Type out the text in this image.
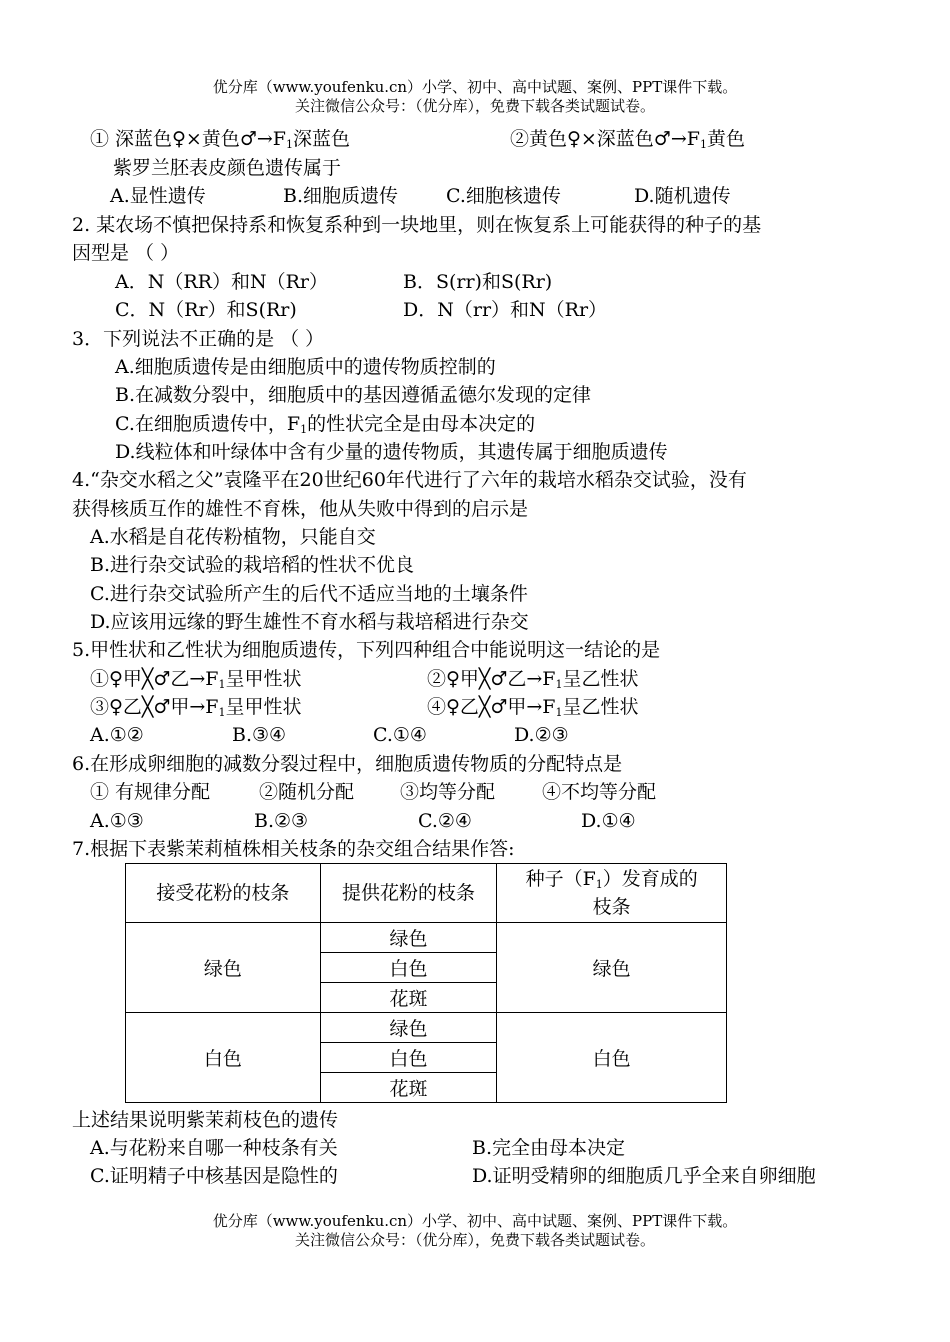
优分库（www.youfenku.cn）小学、初中、高中试题、案例、PPT课件下载。
关注微信公众号：（优分库），免费下载各类试题试卷。
① 深蓝色♀×黄色$♂\to F_1$深蓝色	②黄色♀×深蓝色$♂\to F_1$黄色
紫罗兰胚表皮颜色遗传属于
A.显性遗传	B.细胞质遗传	C.细胞核遗传	D.随机遗传
2. 某农场不慎把保持系和恢复系种到一块地里，则在恢复系上可能获得的种子的基
因型是 （ ）
A．N（RR）和N（Rr）	B．S(rr)和S(Rr)
C．N（Rr）和S(Rr)	D．N（rr）和N（Rr）
3．下列说法不正确的是 （ ）
A.细胞质遗传是由细胞质中的遗传物质控制的
B.在减数分裂中，细胞质中的基因遵循孟德尔发现的定律
C.在细胞质遗传中，$F_1$的性状完全是由母本决定的
D.线粒体和叶绿体中含有少量的遗传物质，其遗传属于细胞质遗传
4.“杂交水稻之父”袁隆平在20世纪60年代进行了六年的栽培水稻杂交试验，没有
获得核质互作的雄性不育株，他从失败中得到的启示是
A.水稻是自花传粉植物，只能自交
B.进行杂交试验的栽培稻的性状不优良
C.进行杂交试验所产生的后代不适应当地的土壤条件
D.应该用远缘的野生雄性不育水稻与栽培稻进行杂交
5.甲性状和乙性状为细胞质遗传，下列四种组合中能说明这一结论的是
①♀甲╳♂乙$\to F_1$呈甲性状	②♀甲╳♂乙$\to F_1$呈乙性状
③♀乙╳♂甲$\to F_1$呈甲性状	④♀乙╳♂甲$\to F_1$呈乙性状
A.①②	B.③④	C.①④	D.②③
6.在形成卵细胞的减数分裂过程中，细胞质遗传物质的分配特点是
① 有规律分配	②随机分配 ③均等分配 ④不均等分配
A.①③	B.②③	C.②④	D.①④
7.根据下表紫茉莉植株相关枝条的杂交组合结果作答:
接受花粉的枝条	提供花粉的枝条	种子$(F_1)$发育成的
枝条
绿色	绿色	绿色
	白色	
	花斑	
白色	绿色	白色
	白色	
	花斑	
上述结果说明紫茉莉枝色的遗传
A.与花粉来自哪一种枝条有关	B.完全由母本决定
C.证明精子中核基因是隐性的	D.证明受精卵的细胞质几乎全来自卵细胞
优分库（www.youfenku.cn）小学、初中、高中试题、案例、PPT课件下载。
关注微信公众号：（优分库），免费下载各类试题试卷。
